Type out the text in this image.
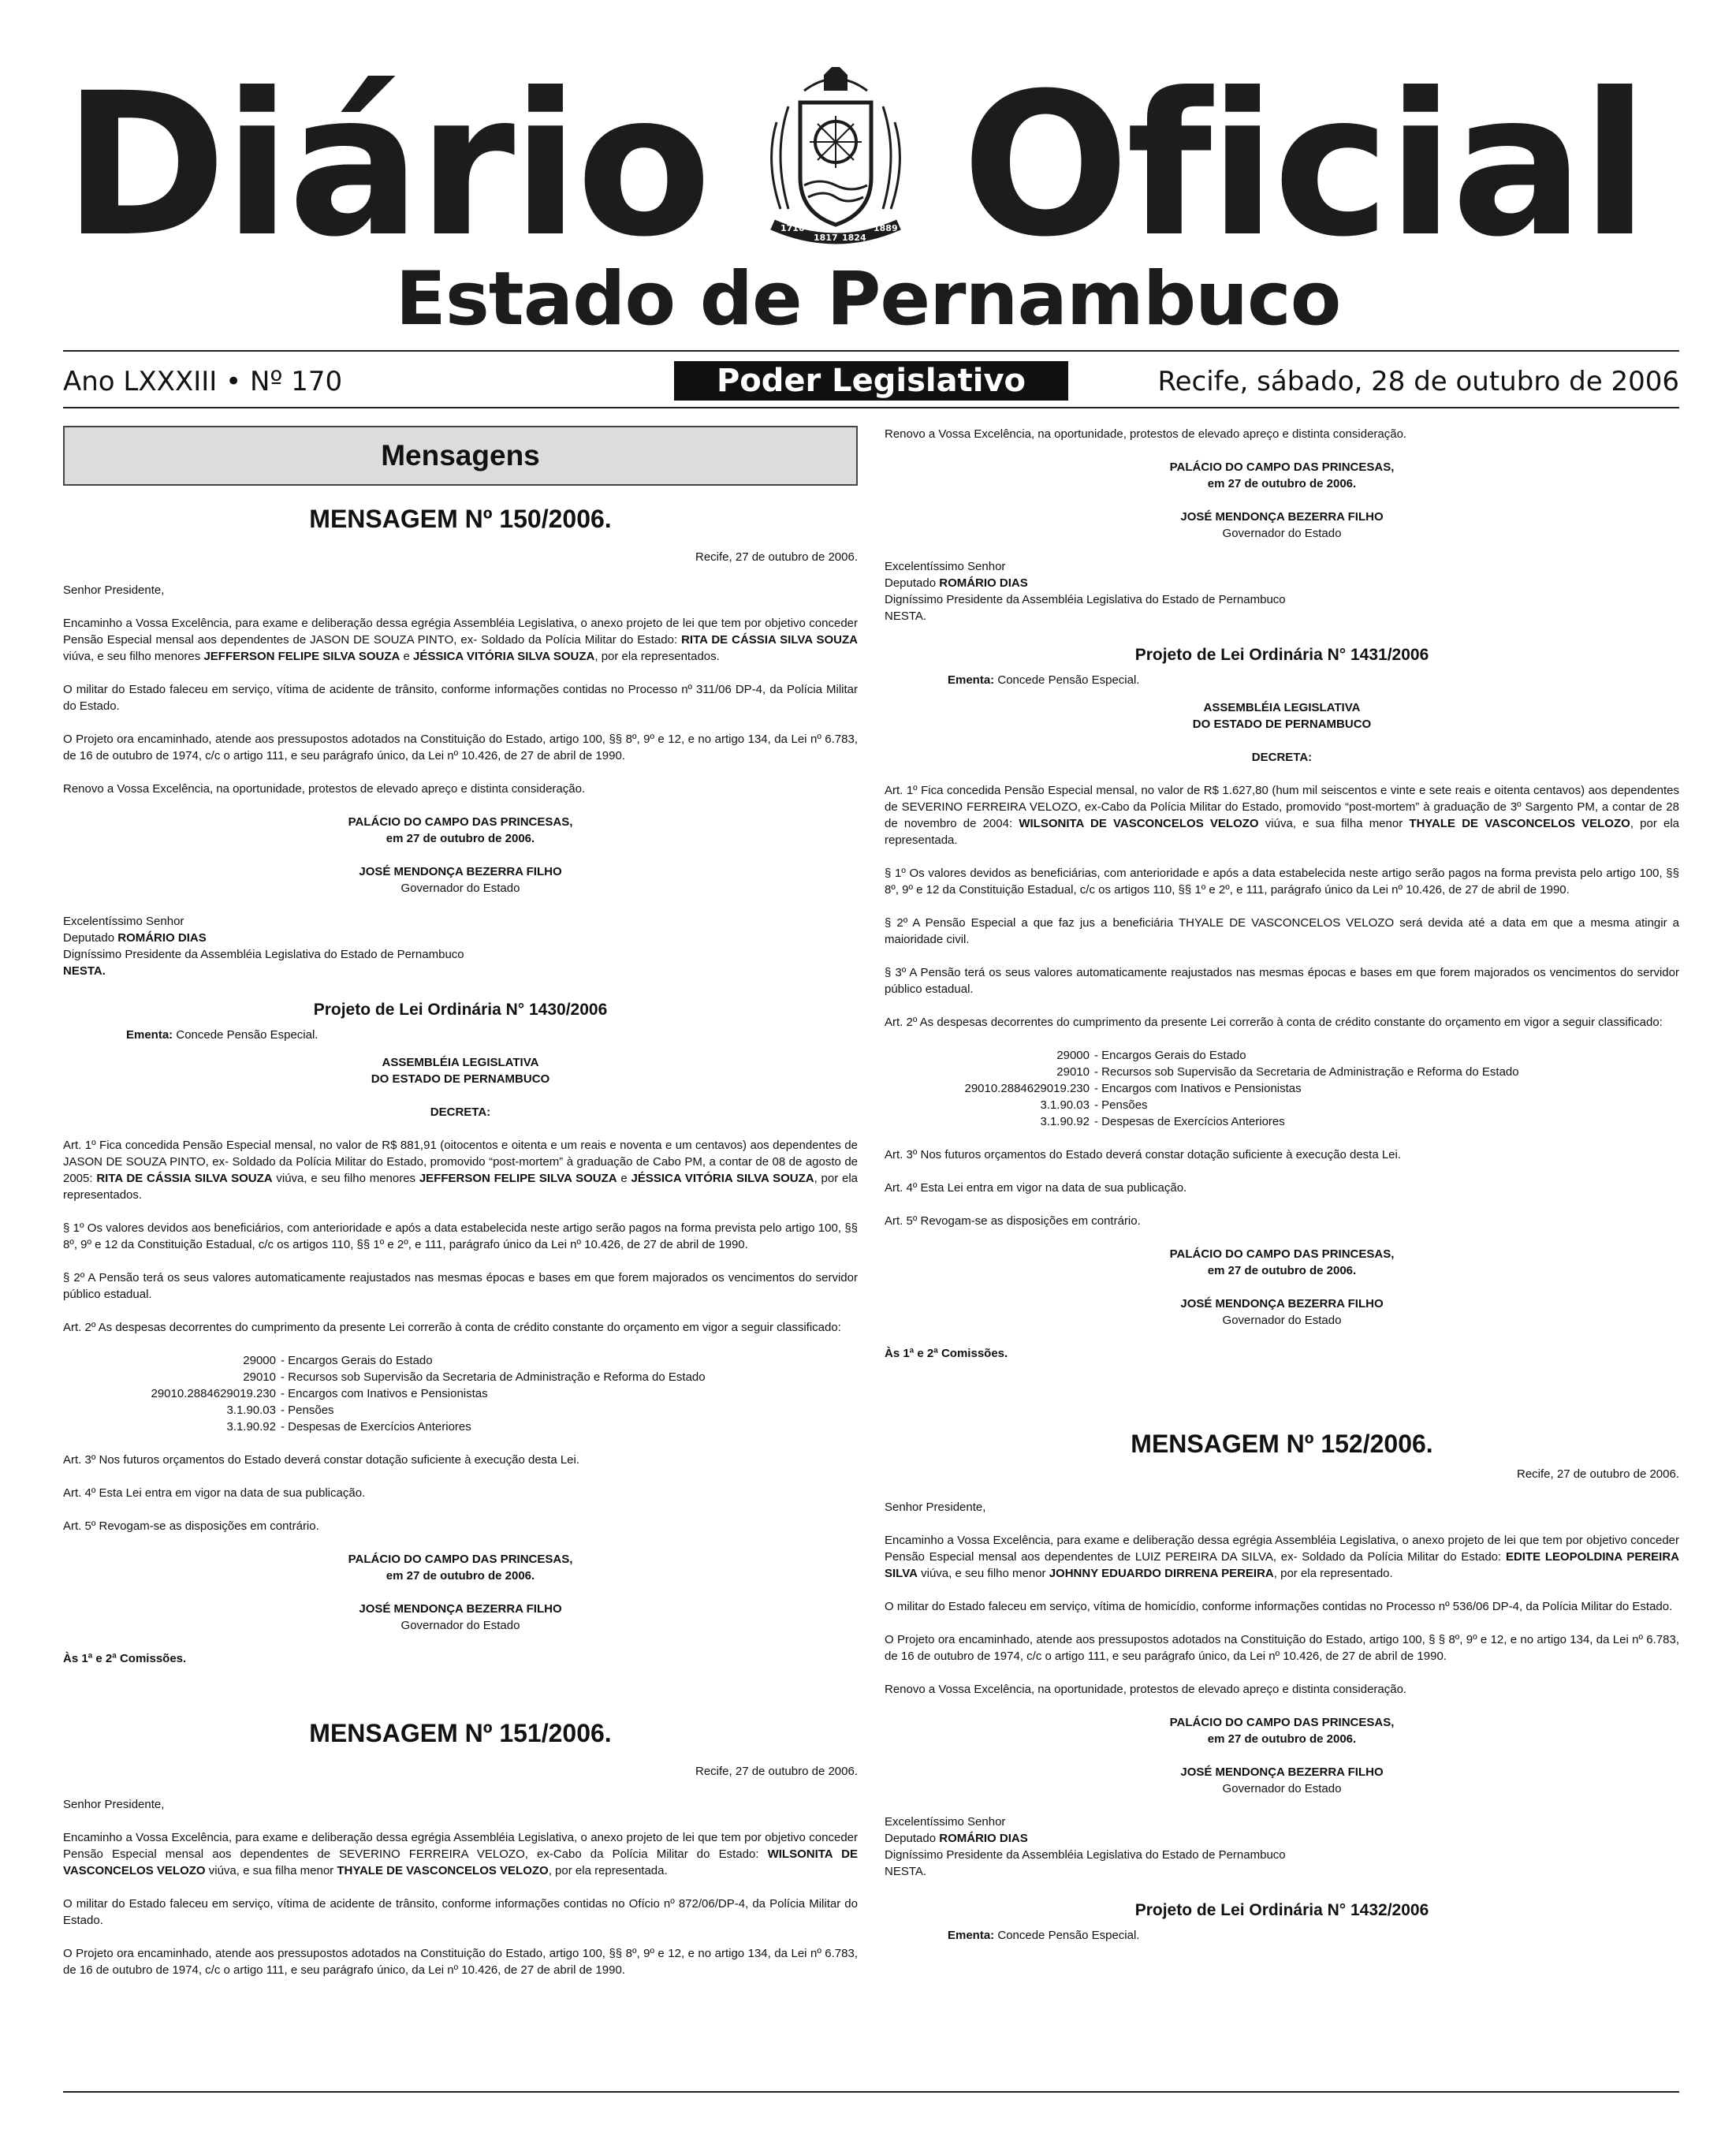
Diário Oficial
1710
1817 1824
1889
Estado de Pernambuco
Ano LXXXIII • Nº 170	Poder Legislativo	Recife, sábado, 28 de outubro de 2006
Mensagens
MENSAGEM Nº 150/2006.

Recife, 27 de outubro de 2006.

Senhor Presidente,

Encaminho a Vossa Excelência, para exame e deliberação dessa egrégia Assembléia Legislativa, o anexo projeto de lei que tem por objetivo conceder Pensão Especial mensal aos dependentes de JASON DE SOUZA PINTO, ex- Soldado da Polícia Militar do Estado: RITA DE CÁSSIA SILVA SOUZA viúva, e seu filho menores JEFFERSON FELIPE SILVA SOUZA e JÉSSICA VITÓRIA SILVA SOUZA, por ela representados.

O militar do Estado faleceu em serviço, vítima de acidente de trânsito, conforme informações contidas no Processo nº 311/06 DP-4, da Polícia Militar do Estado.

O Projeto ora encaminhado, atende aos pressupostos adotados na Constituição do Estado, artigo 100, §§ 8º, 9º e 12, e no artigo 134, da Lei nº 6.783, de 16 de outubro de 1974, c/c o artigo 111, e seu parágrafo único, da Lei nº 10.426, de 27 de abril de 1990.

Renovo a Vossa Excelência, na oportunidade, protestos de elevado apreço e distinta consideração.

PALÁCIO DO CAMPO DAS PRINCESAS,
em 27 de outubro de 2006.
JOSÉ MENDONÇA BEZERRA FILHO
Governador do Estado
Excelentíssimo Senhor
Deputado ROMÁRIO DIAS
Digníssimo Presidente da Assembléia Legislativa do Estado de Pernambuco
NESTA.
Projeto de Lei Ordinária N° 1430/2006
Ementa: Concede Pensão Especial.
ASSEMBLÉIA LEGISLATIVA
DO ESTADO DE PERNAMBUCO

DECRETA:

Art. 1º Fica concedida Pensão Especial mensal, no valor de R$ 881,91 (oitocentos e oitenta e um reais e noventa e um centavos) aos dependentes de JASON DE SOUZA PINTO, ex- Soldado da Polícia Militar do Estado, promovido “post-mortem” à graduação de Cabo PM, a contar de 08 de agosto de 2005: RITA DE CÁSSIA SILVA SOUZA viúva, e seu filho menores JEFFERSON FELIPE SILVA SOUZA e JÉSSICA VITÓRIA SILVA SOUZA, por ela representados.

§ 1º Os valores devidos aos beneficiários, com anterioridade e após a data estabelecida neste artigo serão pagos na forma prevista pelo artigo 100, §§ 8º, 9º e 12 da Constituição Estadual, c/c os artigos 110, §§ 1º e 2º, e 111, parágrafo único da Lei nº 10.426, de 27 de abril de 1990.

§ 2º A Pensão terá os seus valores automaticamente reajustados nas mesmas épocas e bases em que forem majorados os vencimentos do servidor público estadual.

Art. 2º As despesas decorrentes do cumprimento da presente Lei correrão à conta de crédito constante do orçamento em vigor a seguir classificado:

29000 - Encargos Gerais do Estado
29010 - Recursos sob Supervisão da Secretaria de Administração e Reforma do Estado
29010.2884629019.230 - Encargos com Inativos e Pensionistas
3.1.90.03 - Pensões
3.1.90.92 - Despesas de Exercícios Anteriores

Art. 3º Nos futuros orçamentos do Estado deverá constar dotação suficiente à execução desta Lei.

Art. 4º Esta Lei entra em vigor na data de sua publicação.

Art. 5º Revogam-se as disposições em contrário.

PALÁCIO DO CAMPO DAS PRINCESAS,
em 27 de outubro de 2006.
JOSÉ MENDONÇA BEZERRA FILHO
Governador do Estado

Às 1ª e 2ª Comissões.

MENSAGEM Nº 151/2006.

Recife, 27 de outubro de 2006.

Senhor Presidente,

Encaminho a Vossa Excelência, para exame e deliberação dessa egrégia Assembléia Legislativa, o anexo projeto de lei que tem por objetivo conceder Pensão Especial mensal aos dependentes de SEVERINO FERREIRA VELOZO, ex-Cabo da Polícia Militar do Estado: WILSONITA DE VASCONCELOS VELOZO viúva, e sua filha menor THYALE DE VASCONCELOS VELOZO, por ela representada.

O militar do Estado faleceu em serviço, vítima de acidente de trânsito, conforme informações contidas no Ofício nº 872/06/DP-4, da Polícia Militar do Estado.

O Projeto ora encaminhado, atende aos pressupostos adotados na Constituição do Estado, artigo 100, §§ 8º, 9º e 12, e no artigo 134, da Lei nº 6.783, de 16 de outubro de 1974, c/c o artigo 111, e seu parágrafo único, da Lei nº 10.426, de 27 de abril de 1990.

Renovo a Vossa Excelência, na oportunidade, protestos de elevado apreço e distinta consideração.

PALÁCIO DO CAMPO DAS PRINCESAS,
em 27 de outubro de 2006.
JOSÉ MENDONÇA BEZERRA FILHO
Governador do Estado
Excelentíssimo Senhor
Deputado ROMÁRIO DIAS
Digníssimo Presidente da Assembléia Legislativa do Estado de Pernambuco
NESTA.
Projeto de Lei Ordinária N° 1431/2006
Ementa: Concede Pensão Especial.
ASSEMBLÉIA LEGISLATIVA
DO ESTADO DE PERNAMBUCO

DECRETA:

Art. 1º Fica concedida Pensão Especial mensal, no valor de R$ 1.627,80 (hum mil seiscentos e vinte e sete reais e oitenta centavos) aos dependentes de SEVERINO FERREIRA VELOZO, ex-Cabo da Polícia Militar do Estado, promovido “post-mortem” à graduação de 3º Sargento PM, a contar de 28 de novembro de 2004: WILSONITA DE VASCONCELOS VELOZO viúva, e sua filha menor THYALE DE VASCONCELOS VELOZO, por ela representada.

§ 1º Os valores devidos as beneficiárias, com anterioridade e após a data estabelecida neste artigo serão pagos na forma prevista pelo artigo 100, §§ 8º, 9º e 12 da Constituição Estadual, c/c os artigos 110, §§ 1º e 2º, e 111, parágrafo único da Lei nº 10.426, de 27 de abril de 1990.

§ 2º A Pensão Especial a que faz jus a beneficiária THYALE DE VASCONCELOS VELOZO será devida até a data em que a mesma atingir a maioridade civil.

§ 3º A Pensão terá os seus valores automaticamente reajustados nas mesmas épocas e bases em que forem majorados os vencimentos do servidor público estadual.

Art. 2º As despesas decorrentes do cumprimento da presente Lei correrão à conta de crédito constante do orçamento em vigor a seguir classificado:

29000 - Encargos Gerais do Estado
29010 - Recursos sob Supervisão da Secretaria de Administração e Reforma do Estado
29010.2884629019.230 - Encargos com Inativos e Pensionistas
3.1.90.03 - Pensões
3.1.90.92 - Despesas de Exercícios Anteriores

Art. 3º Nos futuros orçamentos do Estado deverá constar dotação suficiente à execução desta Lei.

Art. 4º Esta Lei entra em vigor na data de sua publicação.

Art. 5º Revogam-se as disposições em contrário.

PALÁCIO DO CAMPO DAS PRINCESAS,
em 27 de outubro de 2006.
JOSÉ MENDONÇA BEZERRA FILHO
Governador do Estado

Às 1ª e 2ª Comissões.

MENSAGEM Nº 152/2006.

Recife, 27 de outubro de 2006.

Senhor Presidente,

Encaminho a Vossa Excelência, para exame e deliberação dessa egrégia Assembléia Legislativa, o anexo projeto de lei que tem por objetivo conceder Pensão Especial mensal aos dependentes de LUIZ PEREIRA DA SILVA, ex- Soldado da Polícia Militar do Estado: EDITE LEOPOLDINA PEREIRA SILVA viúva, e seu filho menor JOHNNY EDUARDO DIRRENA PEREIRA, por ela representado.

O militar do Estado faleceu em serviço, vítima de homicídio, conforme informações contidas no Processo nº 536/06 DP-4, da Polícia Militar do Estado.

O Projeto ora encaminhado, atende aos pressupostos adotados na Constituição do Estado, artigo 100, § § 8º, 9º e 12, e no artigo 134, da Lei nº 6.783, de 16 de outubro de 1974, c/c o artigo 111, e seu parágrafo único, da Lei nº 10.426, de 27 de abril de 1990.

Renovo a Vossa Excelência, na oportunidade, protestos de elevado apreço e distinta consideração.

PALÁCIO DO CAMPO DAS PRINCESAS,
em 27 de outubro de 2006.
JOSÉ MENDONÇA BEZERRA FILHO
Governador do Estado
Excelentíssimo Senhor
Deputado ROMÁRIO DIAS
Digníssimo Presidente da Assembléia Legislativa do Estado de Pernambuco
NESTA.
Projeto de Lei Ordinária N° 1432/2006
Ementa: Concede Pensão Especial.
